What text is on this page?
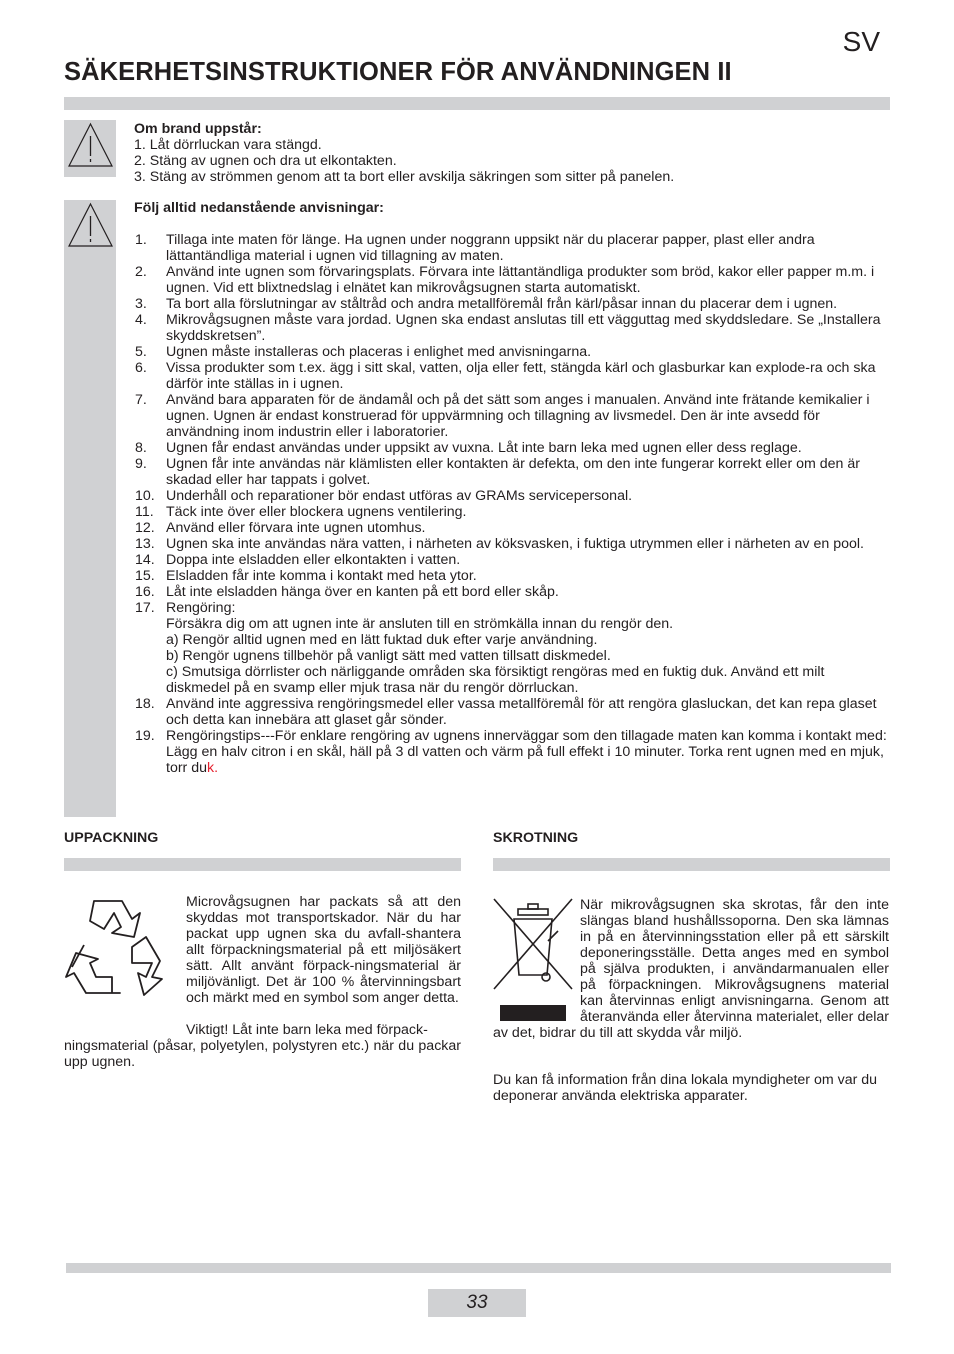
SV
SÄKERHETSINSTRUKTIONER FÖR ANVÄNDNINGEN II
Om brand uppstår:
1. Låt dörrluckan vara stängd.
2. Stäng av ugnen och dra ut elkontakten.
3. Stäng av strömmen genom att ta bort eller avskilja säkringen som sitter på panelen.
Följ alltid nedanstående anvisningar:
1. Tillaga inte maten för länge. Ha ugnen under noggrann uppsikt när du placerar papper, plast eller andra lättantändliga material i ugnen vid tillagning av maten.
2. Använd inte ugnen som förvaringsplats. Förvara inte lättantändliga produkter som bröd, kakor eller papper m.m. i ugnen. Vid ett blixtnedslag i elnätet kan mikrovågsugnen starta automatiskt.
3. Ta bort alla förslutningar av ståltråd och andra metallföremål från kärl/påsar innan du placerar dem i ugnen.
4. Mikrovågsugnen måste vara jordad. Ugnen ska endast anslutas till ett vägguttag med skyddsledare. Se „Installera skyddskretsen”.
5. Ugnen måste installeras och placeras i enlighet med anvisningarna.
6. Vissa produkter som t.ex. ägg i sitt skal, vatten, olja eller fett, stängda kärl och glasburkar kan explode-ra och ska därför inte ställas in i ugnen.
7. Använd bara apparaten för de ändamål och på det sätt som anges i manualen. Använd inte frätande kemikalier i ugnen. Ugnen är endast konstruerad för uppvärmning och tillagning av livsmedel. Den är inte avsedd för användning inom industrin eller i laboratorier.
8. Ugnen får endast användas under uppsikt av vuxna. Låt inte barn leka med ugnen eller dess reglage.
9. Ugnen får inte användas när klämlisten eller kontakten är defekta, om den inte fungerar korrekt eller om den är skadad eller har tappats i golvet.
10. Underhåll och reparationer bör endast utföras av GRAMs servicepersonal.
11. Täck inte över eller blockera ugnens ventilering.
12. Använd eller förvara inte ugnen utomhus.
13. Ugnen ska inte användas nära vatten, i närheten av köksvasken, i fuktiga utrymmen eller i närheten av en pool.
14. Doppa inte elsladden eller elkontakten i vatten.
15. Elsladden får inte komma i kontakt med heta ytor.
16. Låt inte elsladden hänga över en kanten på ett bord eller skåp.
17. Rengöring:
Försäkra dig om att ugnen inte är ansluten till en strömkälla innan du rengör den.
a) Rengör alltid ugnen med en lätt fuktad duk efter varje användning.
b) Rengör ugnens tillbehör på vanligt sätt med vatten tillsatt diskmedel.
c) Smutsiga dörrlister och närliggande områden ska försiktigt rengöras med en fuktig duk. Använd ett milt diskmedel på en svamp eller mjuk trasa när du rengör dörrluckan.
18. Använd inte aggressiva rengöringsmedel eller vassa metallföremål för att rengöra glasluckan, det kan repa glaset och detta kan innebära att glaset går sönder.
19. Rengöringstips---För enklare rengöring av ugnens innerväggar som den tillagade maten kan komma i kontakt med: Lägg en halv citron i en skål, häll på 3 dl vatten och värm på full effekt i 10 minuter. Torka rent ugnen med en mjuk, torr duk.
UPPACKNING
Microvågsugnen har packats så att den skyddas mot transportskador. När du har packat upp ugnen ska du avfall-shantera allt förpackningsmaterial på ett miljösäkert sätt. Allt använt förpack-ningsmaterial är miljövänligt. Det är 100 % återvinningsbart och märkt med en symbol som anger detta.
Viktigt! Låt inte barn leka med förpack-
ningsmaterial (påsar, polyetylen, polystyren etc.) när du packar upp ugnen.
SKROTNING
När mikrovågsugnen ska skrotas, får den inte slängas bland hushållssoporna. Den ska lämnas in på en återvinningsstation eller på ett särskilt deponeringsställe. Detta anges med en symbol på själva produkten, i användarmanualen eller på förpackningen. Mikrovågsugnens material kan återvinnas enligt anvisningarna. Genom att återanvända eller återvinna materialet, eller delar av det, bidrar du till att skydda vår miljö.
Du kan få information från dina lokala myndigheter om var du deponerar använda elektriska apparater.
33
